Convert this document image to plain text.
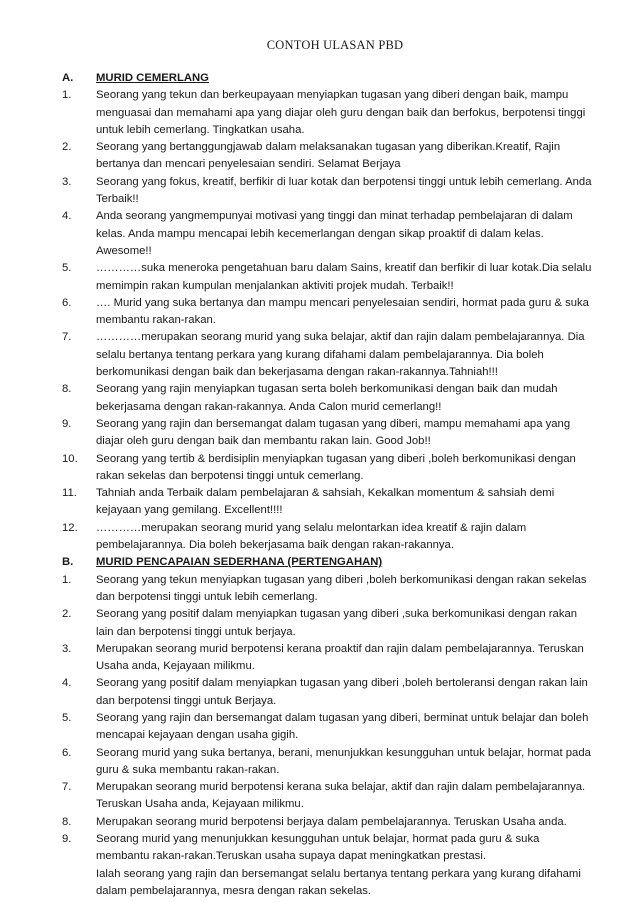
CONTOH ULASAN PBD
A.	MURID CEMERLANG
1.	Seorang yang tekun dan berkeupayaan menyiapkan tugasan yang diberi dengan baik, mampu menguasai dan memahami apa yang diajar oleh guru dengan baik dan berfokus, berpotensi tinggi untuk lebih cemerlang. Tingkatkan usaha.
2.	Seorang yang bertanggungjawab dalam melaksanakan tugasan yang diberikan.Kreatif, Rajin bertanya dan mencari penyelesaian sendiri. Selamat Berjaya
3.	Seorang yang fokus, kreatif, berfikir di luar kotak dan berpotensi tinggi untuk lebih cemerlang. Anda Terbaik!!
4.	Anda seorang yangmempunyai motivasi yang tinggi dan minat terhadap pembelajaran di dalam kelas. Anda mampu mencapai lebih kecemerlangan dengan sikap proaktif di dalam kelas. Awesome!!
5.	…………suka meneroka pengetahuan baru dalam Sains, kreatif dan berfikir di luar kotak.Dia selalu memimpin rakan kumpulan menjalankan aktiviti projek mudah. Terbaik!!
6.	…. Murid yang suka bertanya dan mampu mencari penyelesaian sendiri, hormat pada guru & suka membantu rakan-rakan.
7.	…………merupakan seorang murid yang suka belajar, aktif dan rajin dalam pembelajarannya. Dia selalu bertanya tentang perkara yang kurang difahami dalam pembelajarannya. Dia boleh berkomunikasi dengan baik dan bekerjasama dengan rakan-rakannya.Tahniah!!!
8.	Seorang yang rajin menyiapkan tugasan serta boleh berkomunikasi dengan baik dan mudah bekerjasama dengan rakan-rakannya. Anda Calon murid cemerlang!!
9.	Seorang yang rajin dan bersemangat dalam tugasan yang diberi, mampu memahami apa yang diajar oleh guru dengan baik dan membantu rakan lain. Good Job!!
10.	Seorang yang tertib & berdisiplin menyiapkan tugasan yang diberi ,boleh berkomunikasi dengan rakan sekelas dan berpotensi tinggi untuk cemerlang.
11.	Tahniah anda Terbaik dalam pembelajaran & sahsiah, Kekalkan momentum & sahsiah demi kejayaan yang gemilang. Excellent!!!!
12.	…………merupakan seorang murid yang selalu melontarkan idea kreatif & rajin dalam pembelajarannya. Dia boleh bekerjasama baik dengan rakan-rakannya.
B.	MURID PENCAPAIAN SEDERHANA (PERTENGAHAN)
1.	Seorang yang tekun menyiapkan tugasan yang diberi ,boleh berkomunikasi dengan rakan sekelas dan berpotensi tinggi untuk lebih cemerlang.
2.	Seorang yang positif dalam menyiapkan tugasan yang diberi ,suka berkomunikasi dengan rakan lain dan berpotensi tinggi untuk berjaya.
3.	Merupakan seorang murid berpotensi kerana proaktif dan rajin dalam pembelajarannya. Teruskan Usaha anda, Kejayaan milikmu.
4.	Seorang yang positif dalam menyiapkan tugasan yang diberi ,boleh bertoleransi dengan rakan lain dan berpotensi tinggi untuk Berjaya.
5.	Seorang yang rajin dan bersemangat dalam tugasan yang diberi, berminat untuk belajar dan boleh mencapai kejayaan dengan usaha gigih.
6.	Seorang murid yang suka bertanya, berani, menunjukkan kesungguhan untuk belajar, hormat pada guru & suka membantu rakan-rakan.
7.	Merupakan seorang murid berpotensi kerana suka belajar, aktif dan rajin dalam pembelajarannya. Teruskan Usaha anda, Kejayaan milikmu.
8.	Merupakan seorang murid berpotensi berjaya dalam pembelajarannya. Teruskan Usaha anda.
9.	Seorang murid yang menunjukkan kesungguhan untuk belajar, hormat pada guru & suka membantu rakan-rakan.Teruskan usaha supaya dapat meningkatkan prestasi.
Ialah seorang yang rajin dan bersemangat selalu bertanya tentang perkara yang kurang difahami dalam pembelajarannya, mesra dengan rakan sekelas.
